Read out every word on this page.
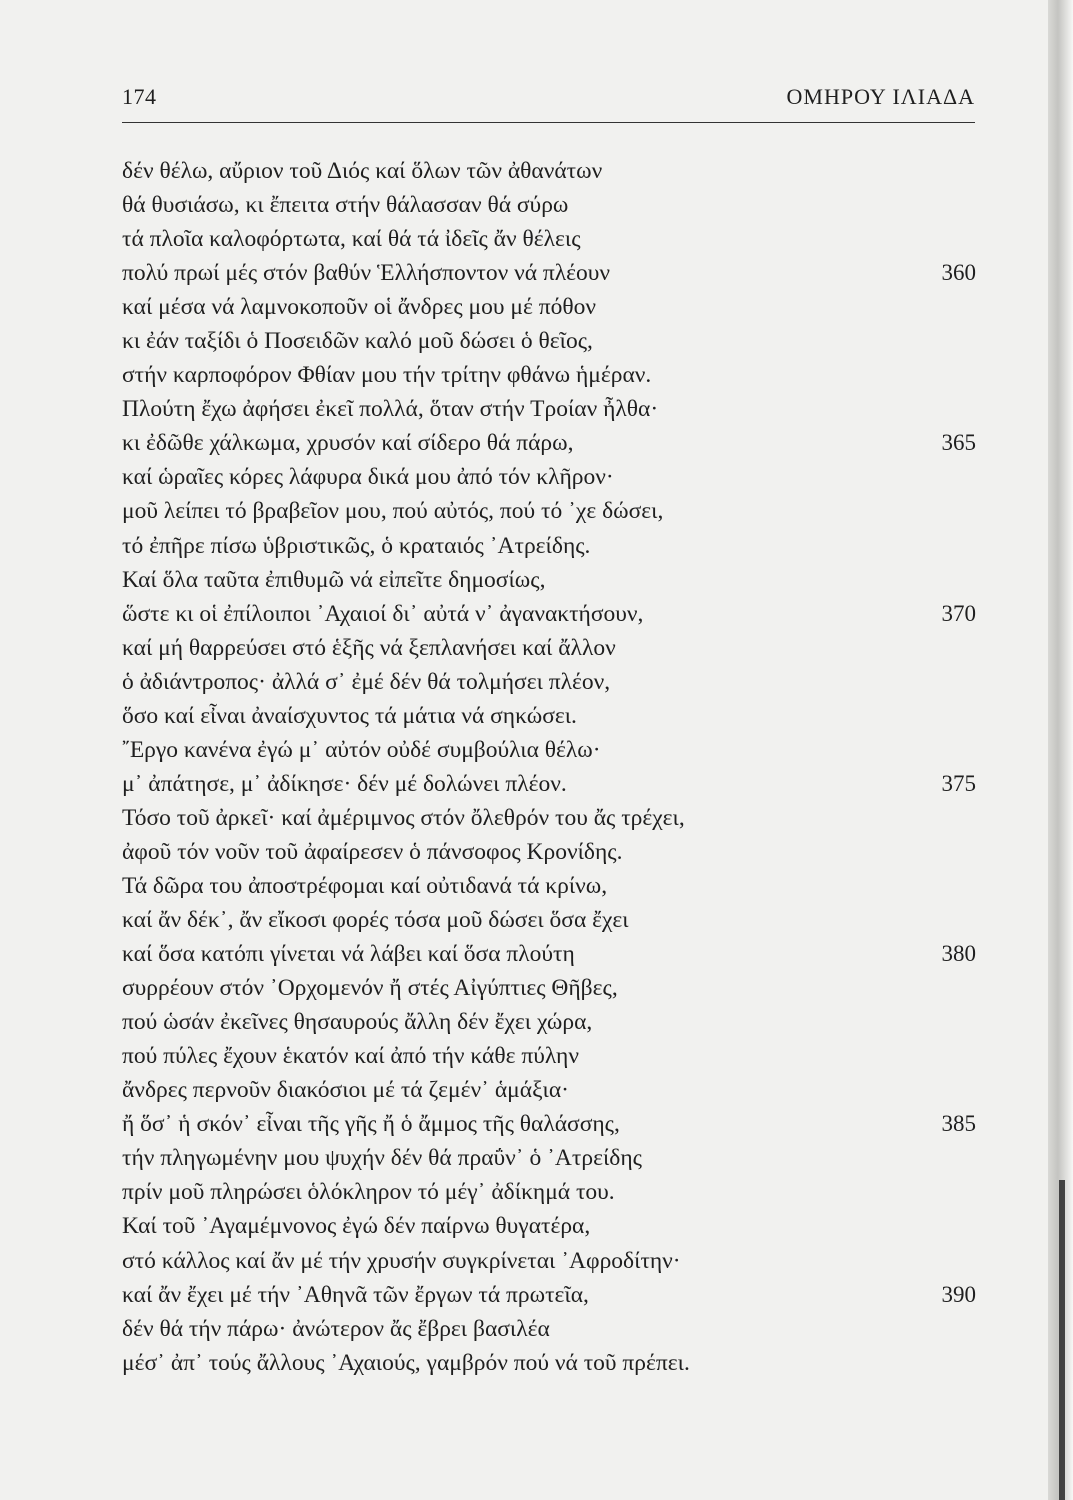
174	ΟΜΗΡΟΥ ΙΛΙΑΔΑ
δέν θέλω, αὔριον τοῦ Διός καί ὅλων τῶν ἀθανάτων
θά θυσιάσω, κι ἔπειτα στήν θάλασσαν θά σύρω
τά πλοῖα καλοφόρτωτα, καί θά τά ἰδεῖς ἄν θέλεις
πολύ πρωί μές στόν βαθύν Ἑλλήσποντον νά πλέουν	360
καί μέσα νά λαμνοκοποῦν οἱ ἄνδρες μου μέ πόθον
κι ἐάν ταξίδι ὁ Ποσειδῶν καλό μοῦ δώσει ὁ θεῖος,
στήν καρποφόρον Φθίαν μου τήν τρίτην φθάνω ἡμέραν.
Πλούτη ἔχω ἀφήσει ἐκεῖ πολλά, ὅταν στήν Τροίαν ἦλθα·
κι ἐδῶθε χάλκωμα, χρυσόν καί σίδερο θά πάρω,	365
καί ὡραῖες κόρες λάφυρα δικά μου ἀπό τόν κλῆρον·
μοῦ λείπει τό βραβεῖον μου, πού αὐτός, πού τό ᾽χε δώσει,
τό ἐπῆρε πίσω ὑβριστικῶς, ὁ κραταιός ᾽Ατρείδης.
Καί ὅλα ταῦτα ἐπιθυμῶ νά εἰπεῖτε δημοσίως,
ὥστε κι οἱ ἐπίλοιποι ᾽Αχαιοί δι᾽ αὐτά ν᾽ ἀγανακτήσουν,	370
καί μή θαρρεύσει στό ἑξῆς νά ξεπλανήσει καί ἄλλον
ὁ ἀδιάντροπος· ἀλλά σ᾽ ἐμέ δέν θά τολμήσει πλέον,
ὅσο καί εἶναι ἀναίσχυντος τά μάτια νά σηκώσει.
῎Εργο κανένα ἐγώ μ᾽ αὐτόν οὐδέ συμβούλια θέλω·
μ᾽ ἀπάτησε, μ᾽ ἀδίκησε· δέν μέ δολώνει πλέον.	375
Τόσο τοῦ ἀρκεῖ· καί ἀμέριμνος στόν ὄλεθρόν του ἄς τρέχει,
ἀφοῦ τόν νοῦν τοῦ ἀφαίρεσεν ὁ πάνσοφος Κρονίδης.
Τά δῶρα του ἀποστρέφομαι καί οὐτιδανά τά κρίνω,
καί ἄν δέκ᾽, ἄν εἴκοσι φορές τόσα μοῦ δώσει ὅσα ἔχει
καί ὅσα κατόπι γίνεται νά λάβει καί ὅσα πλούτη	380
συρρέουν στόν ᾽Ορχομενόν ἤ στές Αἰγύπτιες Θῆβες,
πού ὡσάν ἐκεῖνες θησαυρούς ἄλλη δέν ἔχει χώρα,
πού πύλες ἔχουν ἑκατόν καί ἀπό τήν κάθε πύλην
ἄνδρες περνοῦν διακόσιοι μέ τά ζεμέν᾽ ἁμάξια·
ἤ ὅσ᾽ ἡ σκόν᾽ εἶναι τῆς γῆς ἤ ὁ ἄμμος τῆς θαλάσσης,	385
τήν πληγωμένην μου ψυχήν δέν θά πραΰν᾽ ὁ ᾽Ατρείδης
πρίν μοῦ πληρώσει ὁλόκληρον τό μέγ᾽ ἀδίκημά του.
Καί τοῦ ᾽Αγαμέμνονος ἐγώ δέν παίρνω θυγατέρα,
στό κάλλος καί ἄν μέ τήν χρυσήν συγκρίνεται ᾽Αφροδίτην·
καί ἄν ἔχει μέ τήν ᾽Αθηνᾶ τῶν ἔργων τά πρωτεῖα,	390
δέν θά τήν πάρω· ἀνώτερον ἄς ἔβρει βασιλέα
μέσ᾽ ἀπ᾽ τούς ἄλλους ᾽Αχαιούς, γαμβρόν πού νά τοῦ πρέπει.
